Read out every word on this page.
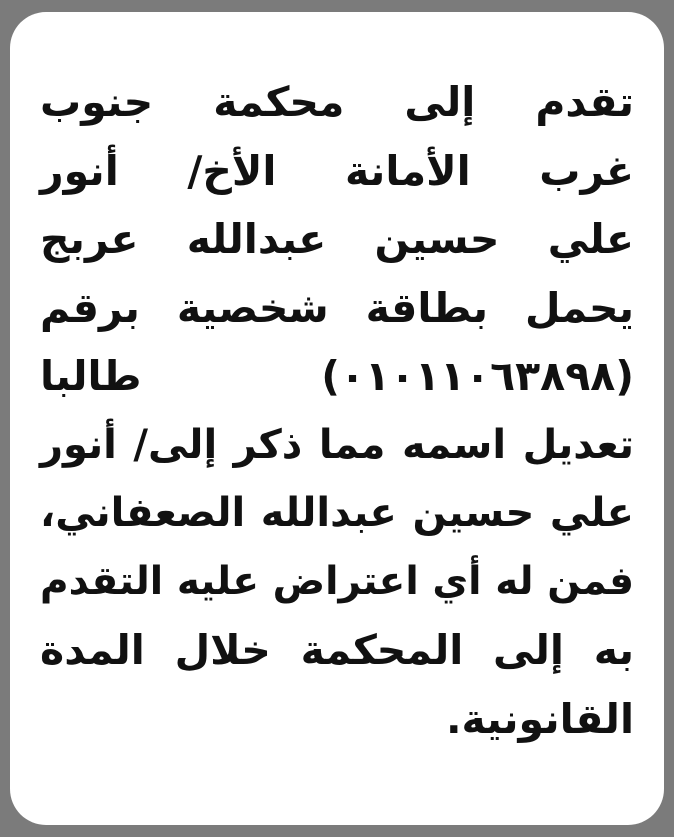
تقدم إلى محكمة جنوب
غرب الأمانة الأخ/ أنور
علي حسين عبدالله عربج
يحمل بطاقة شخصية برقم
(٠١٠١١٠٦٣٨٩٨) طالبا
تعديل اسمه مما ذكر إلى/ أنور
علي حسين عبدالله الصعفاني،
فمن له أي اعتراض عليه التقدم
به إلى المحكمة خلال المدة
القانونية.
